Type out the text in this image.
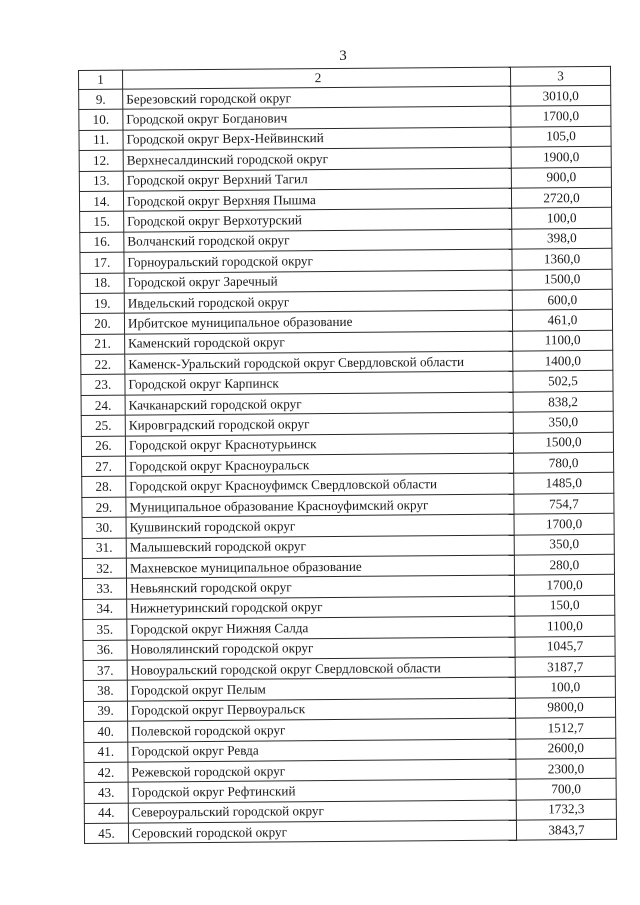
3
1	2	3
9.	Березовский городской округ	3010,0
10.	Городской округ Богданович	1700,0
11.	Городской округ Верх-Нейвинский	105,0
12.	Верхнесалдинский городской округ	1900,0
13.	Городской округ Верхний Тагил	900,0
14.	Городской округ Верхняя Пышма	2720,0
15.	Городской округ Верхотурский	100,0
16.	Волчанский городской округ	398,0
17.	Горноуральский городской округ	1360,0
18.	Городской округ Заречный	1500,0
19.	Ивдельский городской округ	600,0
20.	Ирбитское муниципальное образование	461,0
21.	Каменский городской округ	1100,0
22.	Каменск-Уральский городской округ Свердловской области	1400,0
23.	Городской округ Карпинск	502,5
24.	Качканарский городской округ	838,2
25.	Кировградский городской округ	350,0
26.	Городской округ Краснотурьинск	1500,0
27.	Городской округ Красноуральск	780,0
28.	Городской округ Красноуфимск Свердловской области	1485,0
29.	Муниципальное образование Красноуфимский округ	754,7
30.	Кушвинский городской округ	1700,0
31.	Малышевский городской округ	350,0
32.	Махневское муниципальное образование	280,0
33.	Невьянский городской округ	1700,0
34.	Нижнетуринский городской округ	150,0
35.	Городской округ Нижняя Салда	1100,0
36.	Новолялинский городской округ	1045,7
37.	Новоуральский городской округ Свердловской области	3187,7
38.	Городской округ Пелым	100,0
39.	Городской округ Первоуральск	9800,0
40.	Полевской городской округ	1512,7
41.	Городской округ Ревда	2600,0
42.	Режевской городской округ	2300,0
43.	Городской округ Рефтинский	700,0
44.	Североуральский городской округ	1732,3
45.	Серовский городской округ	3843,7
